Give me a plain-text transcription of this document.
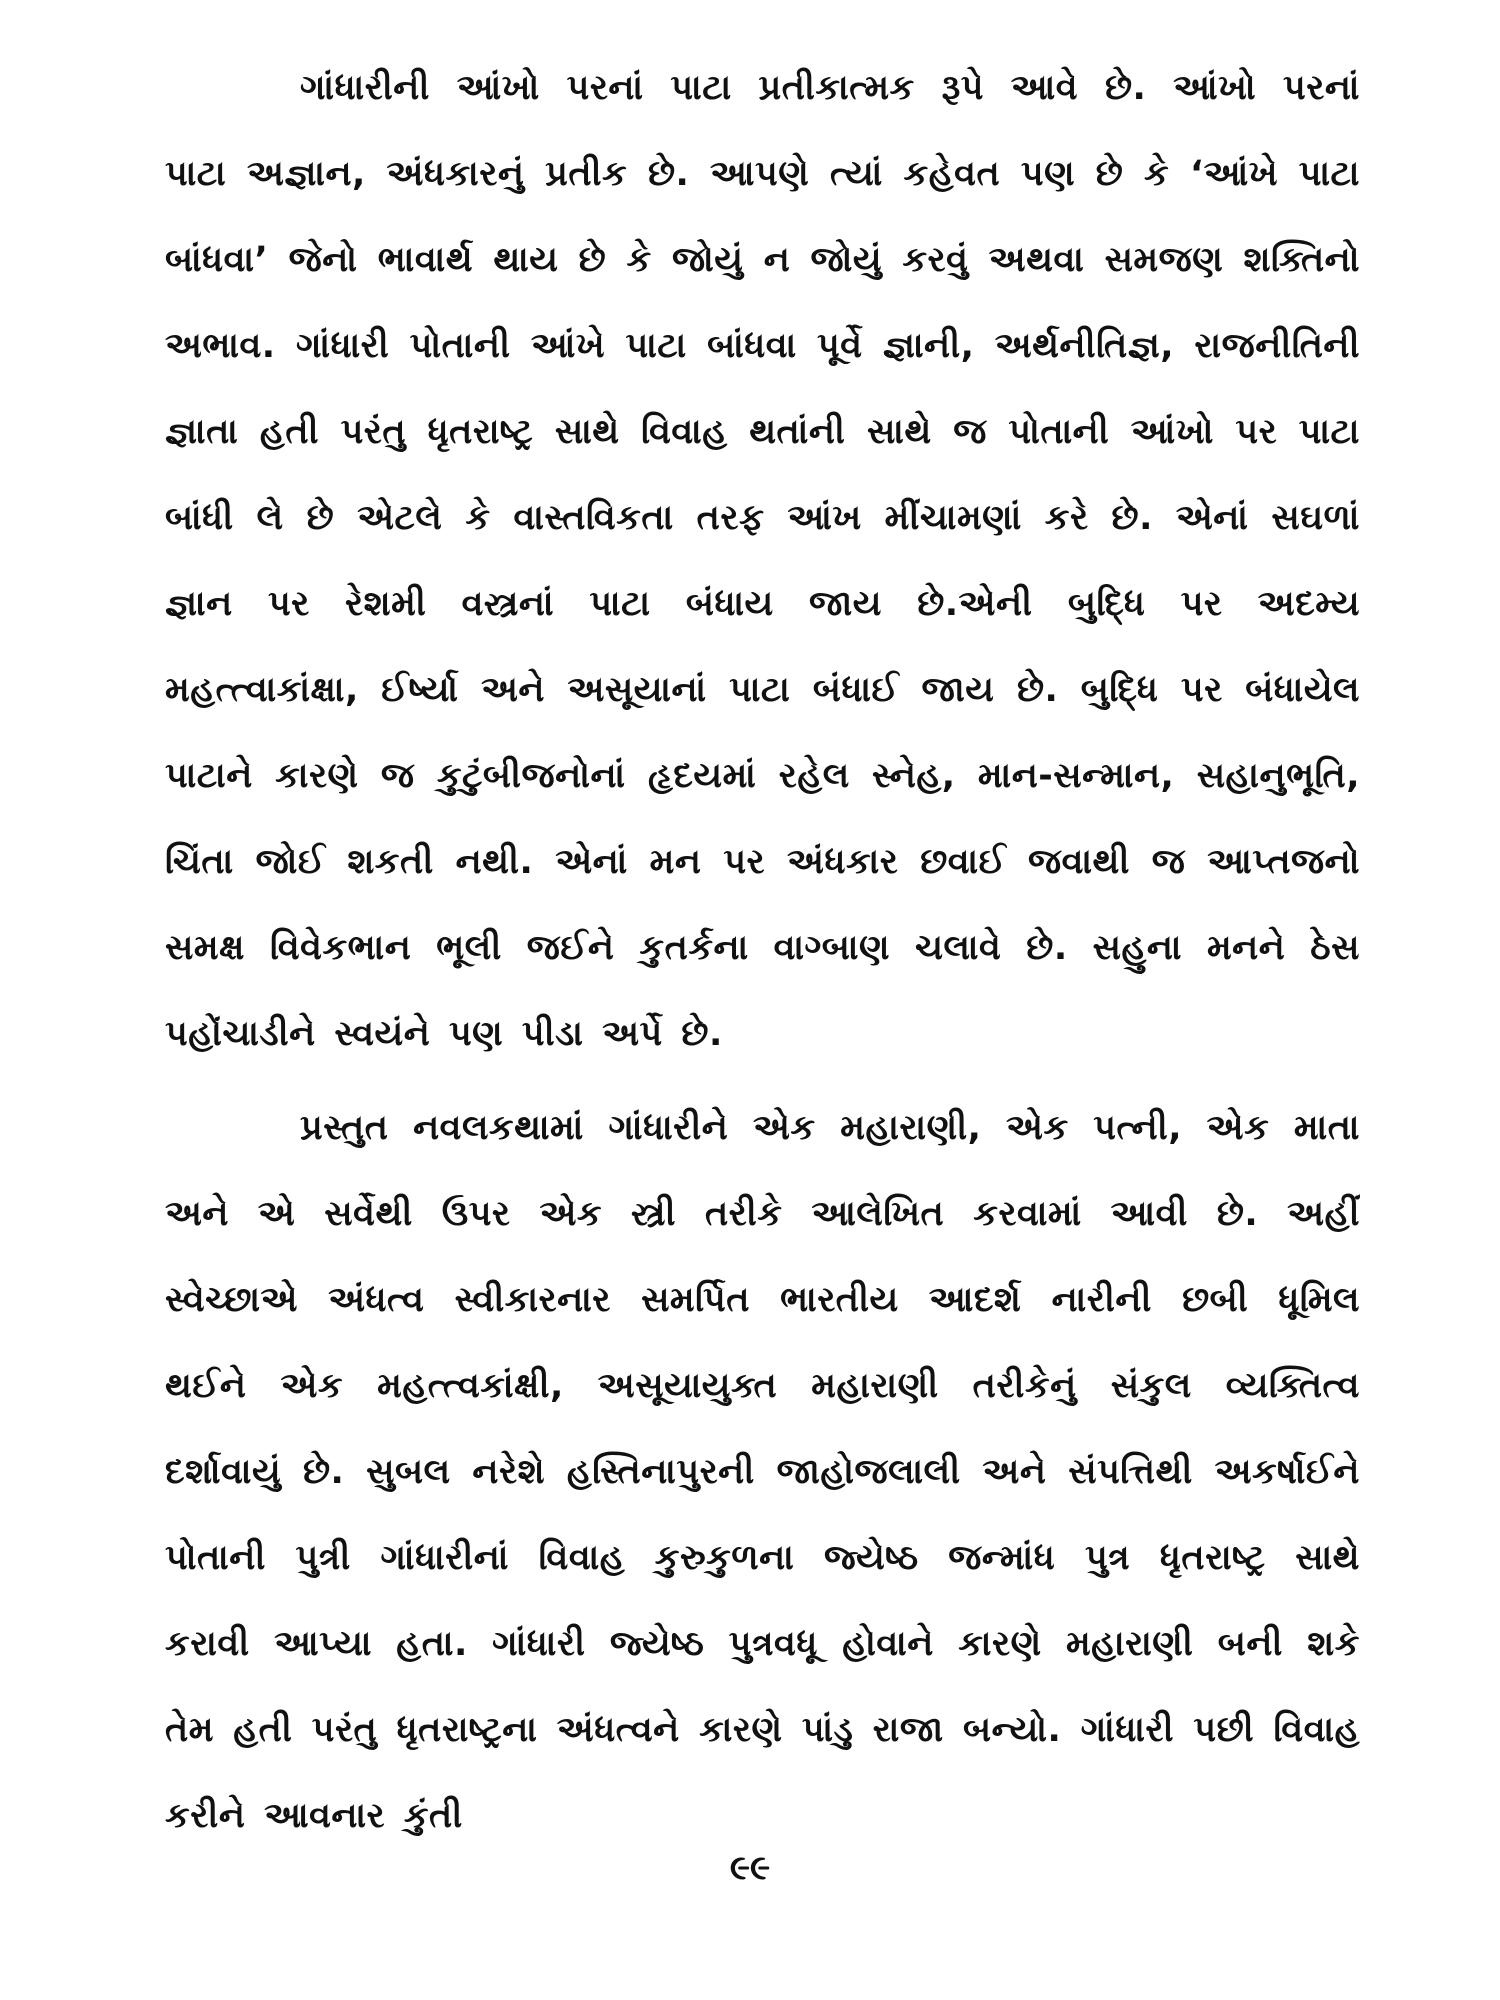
ગાંધારીની આંખો પરનાં પાટા પ્રતીકાત્મક રૂપે આવે છે. આંખો પરનાં પાટા અજ્ઞાન, અંધકારનું પ્રતીક છે. આપણે ત્યાં કહેવત પણ છે કે ‘આંખે પાટા બાંધવા’ જેનો ભાવાર્થ થાય છે કે જોયું ન જોયું કરવું અથવા સમજણ શક્તિનો અભાવ. ગાંધારી પોતાની આંખે પાટા બાંધવા પૂર્વે જ્ઞાની, અર્થનીતિજ્ઞ, રાજનીતિની જ્ઞાતા હતી પરંતુ ધૃતરાષ્ટ્ર સાથે વિવાહ થતાંની સાથે જ પોતાની આંખો પર પાટા બાંધી લે છે એટલે કે વાસ્તવિકતા તરફ આંખ મીંચામણાં કરે છે. એનાં સઘળાં જ્ઞાન પર રેશમી વસ્ત્રનાં પાટા બંધાય જાય છે.એની બુદ્ધિ પર અદમ્ય મહત્ત્વાકાંક્ષા, ઈર્ષ્યા અને અસૂયાનાં પાટા બંધાઈ જાય છે. બુદ્ધિ પર બંધાયેલ પાટાને કારણે જ કુટુંબીજનોનાં હૃદયમાં રહેલ સ્નેહ, માન-સન્માન, સહાનુભૂતિ, ચિંતા જોઈ શકતી નથી. એનાં મન પર અંધકાર છવાઈ જવાથી જ આપ્તજનો સમક્ષ વિવેકભાન ભૂલી જઈને કુતર્કના વાગ્બાણ ચલાવે છે. સહુના મનને ઠેસ પહોંચાડીને સ્વયંને પણ પીડા અર્પે છે.

પ્રસ્તુત નવલકથામાં ગાંધારીને એક મહારાણી, એક પત્ની, એક માતા અને એ સર્વેથી ઉપર એક સ્ત્રી તરીકે આલેખિત કરવામાં આવી છે. અહીં સ્વેચ્છાએ અંધત્વ સ્વીકારનાર સમર્પિત ભારતીય આદર્શ નારીની છબી ધૂમિલ થઈને એક મહત્ત્વકાંક્ષી, અસૂયાયુક્ત મહારાણી તરીકેનું સંકુલ વ્યક્તિત્વ દર્શાવાયું છે. સુબલ નરેશે હસ્તિનાપુરની જાહોજલાલી અને સંપત્તિથી અકર્ષાઈને પોતાની પુત્રી ગાંધારીનાં વિવાહ કુરુકુળના જ્યેષ્ઠ જન્માંધ પુત્ર ધૃતરાષ્ટ્ર સાથે કરાવી આપ્યા હતા. ગાંધારી જ્યેષ્ઠ પુત્રવધૂ હોવાને કારણે મહારાણી બની શકે તેમ હતી પરંતુ ધૃતરાષ્ટ્રના અંધત્વને કારણે પાંડુ રાજા બન્યો. ગાંધારી પછી વિવાહ કરીને આવનાર કુંતી

૯૯
